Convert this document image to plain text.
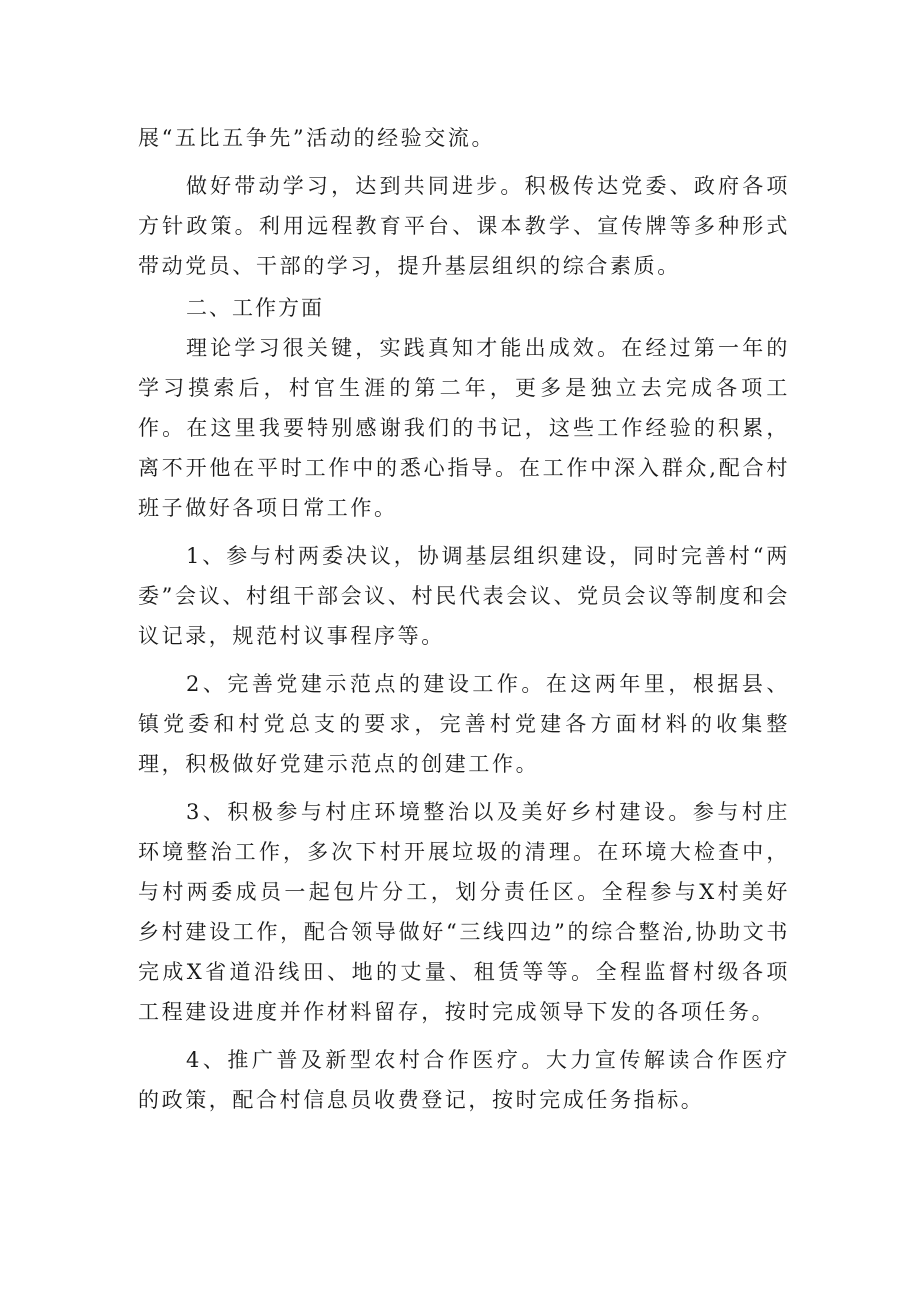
展“五比五争先”活动的经验交流。

做好带动学习，达到共同进步。积极传达党委、政府各项方针政策。利用远程教育平台、课本教学、宣传牌等多种形式带动党员、干部的学习，提升基层组织的综合素质。

二、工作方面

理论学习很关键，实践真知才能出成效。在经过第一年的学习摸索后，村官生涯的第二年，更多是独立去完成各项工作。在这里我要特别感谢我们的书记，这些工作经验的积累，离不开他在平时工作中的悉心指导。在工作中深入群众,配合村班子做好各项日常工作。

1、参与村两委决议，协调基层组织建设，同时完善村“两委”会议、村组干部会议、村民代表会议、党员会议等制度和会议记录，规范村议事程序等。

2、完善党建示范点的建设工作。在这两年里，根据县、镇党委和村党总支的要求，完善村党建各方面材料的收集整理，积极做好党建示范点的创建工作。

3、积极参与村庄环境整治以及美好乡村建设。参与村庄环境整治工作，多次下村开展垃圾的清理。在环境大检查中，与村两委成员一起包片分工，划分责任区。全程参与X村美好乡村建设工作，配合领导做好“三线四边”的综合整治,协助文书完成X省道沿线田、地的丈量、租赁等等。全程监督村级各项工程建设进度并作材料留存，按时完成领导下发的各项任务。

4、推广普及新型农村合作医疗。大力宣传解读合作医疗的政策，配合村信息员收费登记，按时完成任务指标。
